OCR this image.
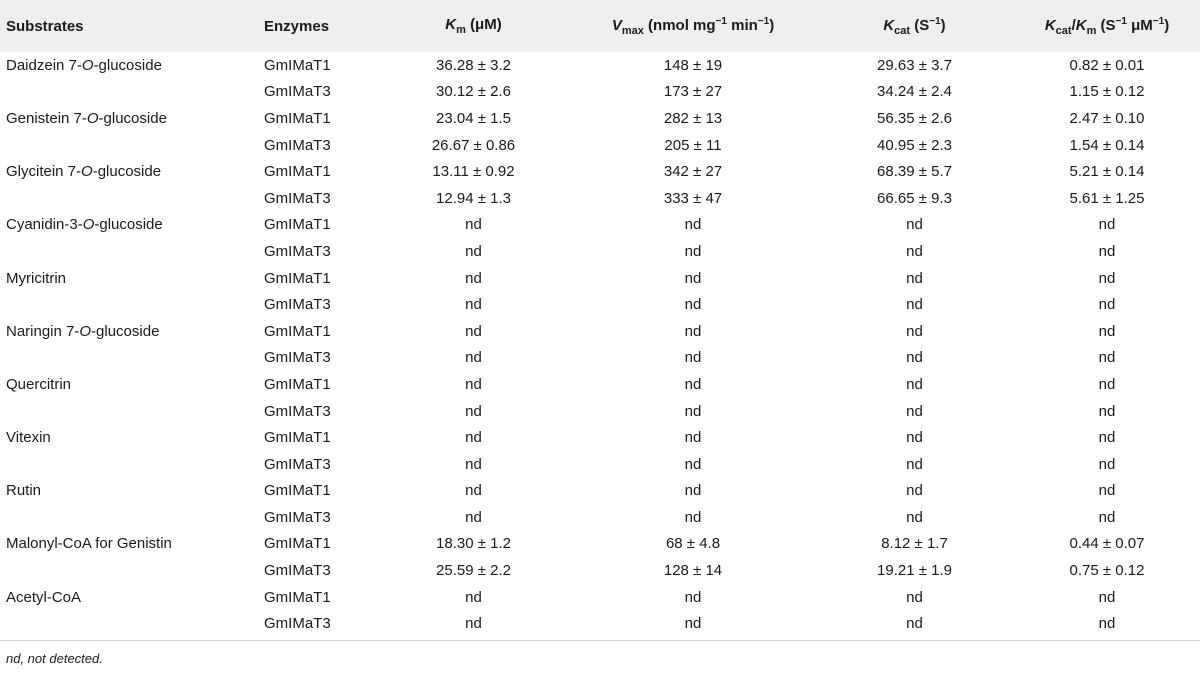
Substrates	Enzymes	$K_m$ (μM)	$V_{max}$ (nmol $mg^{-1}$ $\min^{-1}$)	$K_{cat}$ $(S^{-1})$	$K_{cat}/K_m$ ($S^{-1}$ $\mu M^{-1}$)
Daidzein 7-O-glucoside	GmIMaT1	36.28 ± 3.2	148 ± 19	29.63 ± 3.7	0.82 ± 0.01
	GmIMaT3	30.12 ± 2.6	173 ± 27	34.24 ± 2.4	1.15 ± 0.12
Genistein 7-O-glucoside	GmIMaT1	23.04 ± 1.5	282 ± 13	56.35 ± 2.6	2.47 ± 0.10
	GmIMaT3	26.67 ± 0.86	205 ± 11	40.95 ± 2.3	1.54 ± 0.14
Glycitein 7-O-glucoside	GmIMaT1	13.11 ± 0.92	342 ± 27	68.39 ± 5.7	5.21 ± 0.14
	GmIMaT3	12.94 ± 1.3	333 ± 47	66.65 ± 9.3	5.61 ± 1.25
Cyanidin-3-O-glucoside	GmIMaT1	nd	nd	nd	nd
	GmIMaT3	nd	nd	nd	nd
Myricitrin	GmIMaT1	nd	nd	nd	nd
	GmIMaT3	nd	nd	nd	nd
Naringin 7-O-glucoside	GmIMaT1	nd	nd	nd	nd
	GmIMaT3	nd	nd	nd	nd
Quercitrin	GmIMaT1	nd	nd	nd	nd
	GmIMaT3	nd	nd	nd	nd
Vitexin	GmIMaT1	nd	nd	nd	nd
	GmIMaT3	nd	nd	nd	nd
Rutin	GmIMaT1	nd	nd	nd	nd
	GmIMaT3	nd	nd	nd	nd
Malonyl-CoA for Genistin	GmIMaT1	18.30 ± 1.2	68 ± 4.8	8.12 ± 1.7	0.44 ± 0.07
	GmIMaT3	25.59 ± 2.2	128 ± 14	19.21 ± 1.9	0.75 ± 0.12
Acetyl-CoA	GmIMaT1	nd	nd	nd	nd
	GmIMaT3	nd	nd	nd	nd
nd, not detected.
